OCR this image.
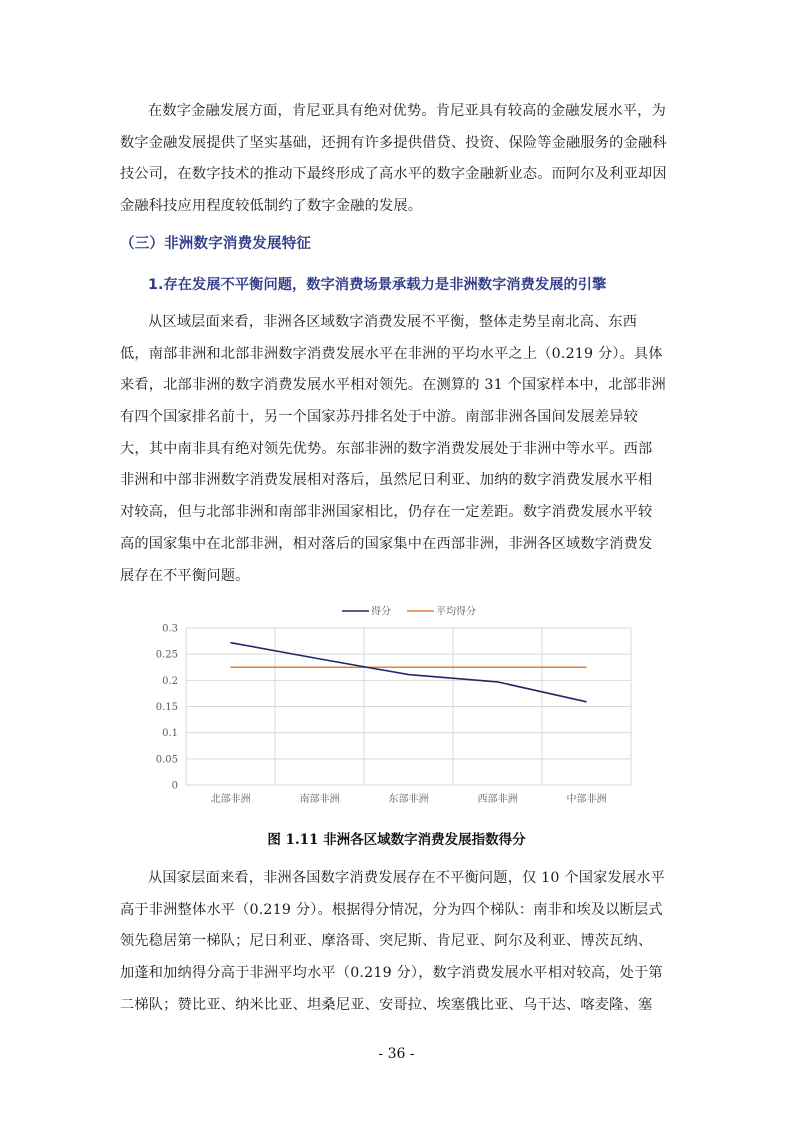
在数字金融发展方面，肯尼亚具有绝对优势。肯尼亚具有较高的金融发展水平，为
数字金融发展提供了坚实基础，还拥有许多提供借贷、投资、保险等金融服务的金融科
技公司，在数字技术的推动下最终形成了高水平的数字金融新业态。而阿尔及利亚却因
金融科技应用程度较低制约了数字金融的发展。
（三）非洲数字消费发展特征
1.存在发展不平衡问题，数字消费场景承载力是非洲数字消费发展的引擎
从区域层面来看，非洲各区域数字消费发展不平衡，整体走势呈南北高、东西
低，南部非洲和北部非洲数字消费发展水平在非洲的平均水平之上（0.219 分）。具体
来看，北部非洲的数字消费发展水平相对领先。在测算的 31 个国家样本中，北部非洲
有四个国家排名前十，另一个国家苏丹排名处于中游。南部非洲各国间发展差异较
大，其中南非具有绝对领先优势。东部非洲的数字消费发展处于非洲中等水平。西部
非洲和中部非洲数字消费发展相对落后，虽然尼日利亚、加纳的数字消费发展水平相
对较高，但与北部非洲和南部非洲国家相比，仍存在一定差距。数字消费发展水平较
高的国家集中在北部非洲，相对落后的国家集中在西部非洲，非洲各区域数字消费发
展存在不平衡问题。
0
0.05
0.1
0.15
0.2
0.25
0.3
北部非洲	南部非洲	东部非洲	西部非洲	中部非洲
得分	平均得分
图 1.11 非洲各区域数字消费发展指数得分
从国家层面来看，非洲各国数字消费发展存在不平衡问题，仅 10 个国家发展水平
高于非洲整体水平（0.219 分）。根据得分情况，分为四个梯队：南非和埃及以断层式
领先稳居第一梯队；尼日利亚、摩洛哥、突尼斯、肯尼亚、阿尔及利亚、博茨瓦纳、
加蓬和加纳得分高于非洲平均水平（0.219 分），数字消费发展水平相对较高，处于第
二梯队；赞比亚、纳米比亚、坦桑尼亚、安哥拉、埃塞俄比亚、乌干达、喀麦隆、塞
- 36 -
